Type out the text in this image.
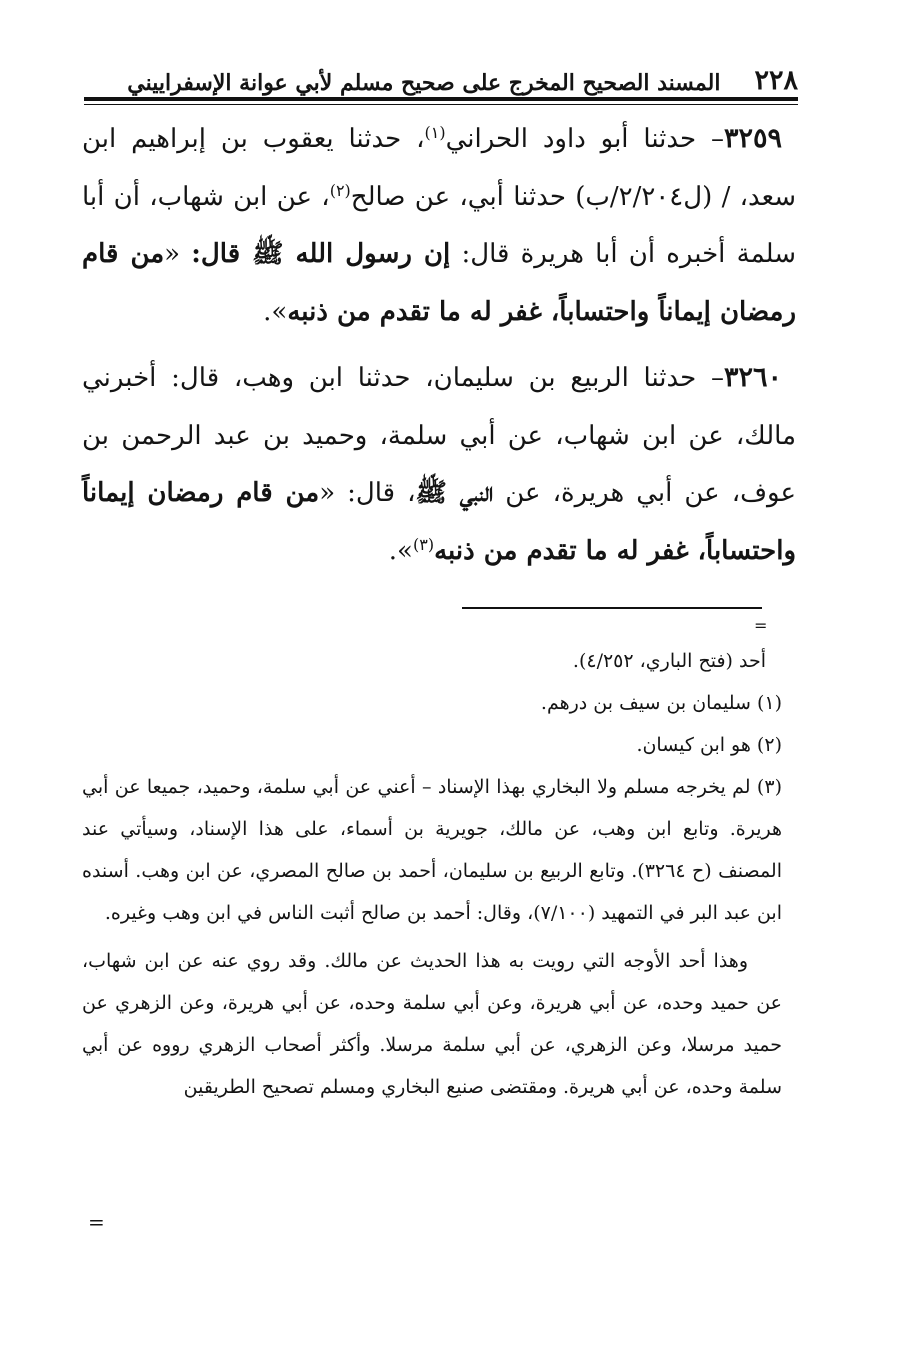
٢٢٨
المسند الصحيح المخرج على صحيح مسلم لأبي عوانة الإسفراييني

٣٢٥٩– حدثنا أبو داود الحراني$^{(١)}$، حدثنا يعقوب بن إبراهيم ابن سعد، / (ل٢/٢٠٤/ب) حدثنا أبي، عن صالح$^{(٢)}$، عن ابن شهاب، أن أبا سلمة أخبره أن أبا هريرة قال: إن رسول الله ﷺ قال: «من قام رمضان إيماناً واحتساباً، غفر له ما تقدم من ذنبه».

٣٢٦٠– حدثنا الربيع بن سليمان، حدثنا ابن وهب، قال: أخبرني مالك، عن ابن شهاب، عن أبي سلمة، وحميد بن عبد الرحمن بن عوف، عن أبي هريرة، عن النبي ﷺ، قال: «من قام رمضان إيماناً واحتساباً، غفر له ما تقدم من ذنبه$^{(٣)}$».

=

أحد (فتح الباري، ٤/٢٥٢).

(١) سليمان بن سيف بن درهم.

(٢) هو ابن كيسان.

(٣) لم يخرجه مسلم ولا البخاري بهذا الإسناد – أعني عن أبي سلمة، وحميد، جميعا عن أبي هريرة. وتابع ابن وهب، عن مالك، جويرية بن أسماء، على هذا الإسناد، وسيأتي عند المصنف (ح ٣٢٦٤). وتابع الربيع بن سليمان، أحمد بن صالح المصري، عن ابن وهب. أسنده ابن عبد البر في التمهيد (٧/١٠٠)، وقال: أحمد بن صالح أثبت الناس في ابن وهب وغيره.

وهذا أحد الأوجه التي رويت به هذا الحديث عن مالك. وقد روي عنه عن ابن شهاب، عن حميد وحده، عن أبي هريرة، وعن أبي سلمة وحده، عن أبي هريرة، وعن الزهري عن حميد مرسلا، وعن الزهري، عن أبي سلمة مرسلا. وأكثر أصحاب الزهري رووه عن أبي سلمة وحده، عن أبي هريرة. ومقتضى صنيع البخاري ومسلم تصحيح الطريقين

=
